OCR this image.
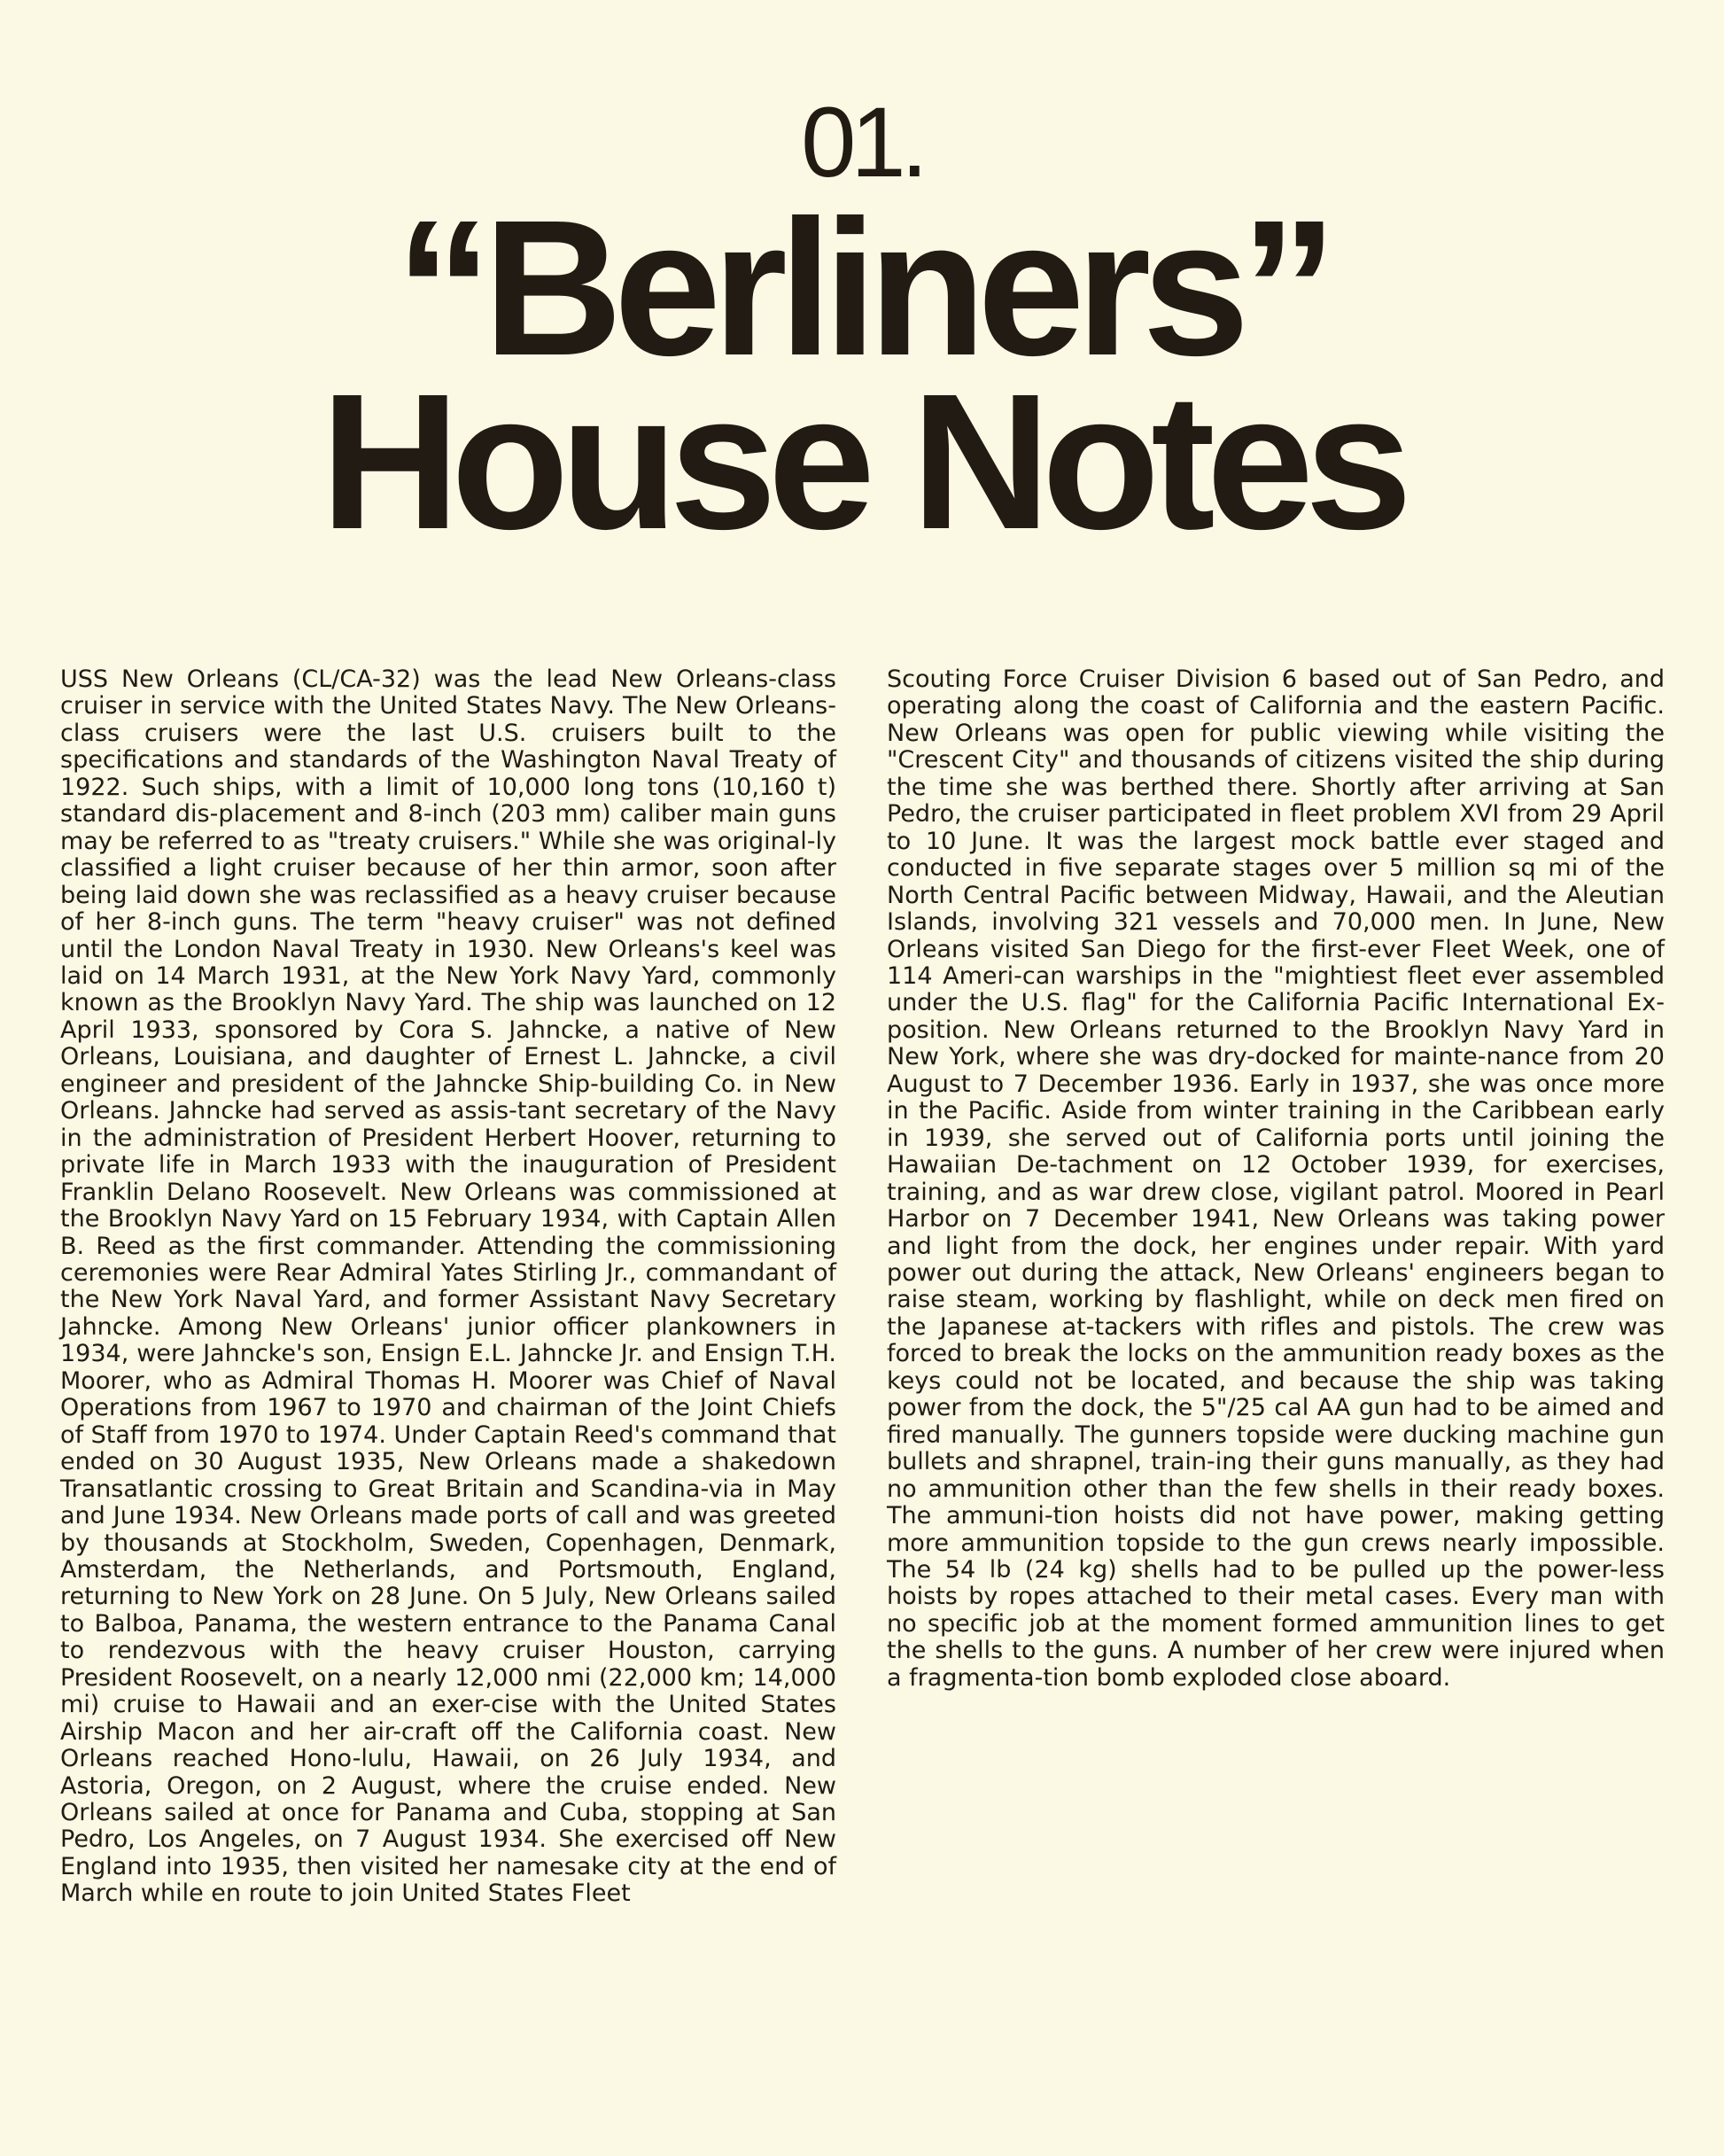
01.
“Berliners”
House Notes

USS New Orleans (CL/CA-32) was the lead New Orleans-class cruiser in service with the United States Navy. The New Orleans-class cruisers were the last U.S. cruisers built to the specifications and standards of the Washington Naval Treaty of 1922. Such ships, with a limit of 10,000 long tons (10,160 t) standard dis-placement and 8-inch (203 mm) caliber main guns may be referred to as "treaty cruisers." While she was original-ly classified a light cruiser because of her thin armor, soon after being laid down she was reclassified as a heavy cruiser because of her 8-inch guns. The term "heavy cruiser" was not defined until the London Naval Treaty in 1930. New Orleans's keel was laid on 14 March 1931, at the New York Navy Yard, commonly known as the Brooklyn Navy Yard. The ship was launched on 12 April 1933, sponsored by Cora S. Jahncke, a native of New Orleans, Louisiana, and daughter of Ernest L. Jahncke, a civil engineer and president of the Jahncke Ship-building Co. in New Orleans. Jahncke had served as assis-tant secretary of the Navy in the administration of President Herbert Hoover, returning to private life in March 1933 with the inauguration of President Franklin Delano Roosevelt. New Orleans was commissioned at the Brooklyn Navy Yard on 15 February 1934, with Captain Allen B. Reed as the first commander. Attending the commissioning ceremonies were Rear Admiral Yates Stirling Jr., commandant of the New York Naval Yard, and former Assistant Navy Secretary Jahncke. Among New Orleans' junior officer plankowners in 1934, were Jahncke's son, Ensign E.L. Jahncke Jr. and Ensign T.H. Moorer, who as Admiral Thomas H. Moorer was Chief of Naval Operations from 1967 to 1970 and chairman of the Joint Chiefs of Staff from 1970 to 1974. Under Captain Reed's command that ended on 30 August 1935, New Orleans made a shakedown Transatlantic crossing to Great Britain and Scandina-via in May and June 1934. New Orleans made ports of call and was greeted by thousands at Stockholm, Sweden, Copenhagen, Denmark, Amsterdam, the Netherlands, and Portsmouth, England, returning to New York on 28 June. On 5 July, New Orleans sailed to Balboa, Panama, the western entrance to the Panama Canal to rendezvous with the heavy cruiser Houston, carrying President Roosevelt, on a nearly 12,000 nmi (22,000 km; 14,000 mi) cruise to Hawaii and an exer-cise with the United States Airship Macon and her air-craft off the California coast. New Orleans reached Hono-lulu, Hawaii, on 26 July 1934, and Astoria, Oregon, on 2 August, where the cruise ended. New Orleans sailed at once for Panama and Cuba, stopping at San Pedro, Los Angeles, on 7 August 1934. She exercised off New England into 1935, then visited her namesake city at the end of March while en route to join United States Fleet

Scouting Force Cruiser Division 6 based out of San Pedro, and operating along the coast of California and the eastern Pacific. New Orleans was open for public viewing while visiting the "Crescent City" and thousands of citizens visited the ship during the time she was berthed there. Shortly after arriving at San Pedro, the cruiser participated in fleet problem XVI from 29 April to 10 June. It was the largest mock battle ever staged and conducted in five separate stages over 5 million sq mi of the North Central Pacific between Midway, Hawaii, and the Aleutian Islands, involving 321 vessels and 70,000 men. In June, New Orleans visited San Diego for the first-ever Fleet Week, one of 114 Ameri-can warships in the "mightiest fleet ever assembled under the U.S. flag" for the California Pacific International Ex-position. New Orleans returned to the Brooklyn Navy Yard in New York, where she was dry-docked for mainte-nance from 20 August to 7 December 1936. Early in 1937, she was once more in the Pacific. Aside from winter training in the Caribbean early in 1939, she served out of California ports until joining the Hawaiian De-tachment on 12 October 1939, for exercises, training, and as war drew close, vigilant patrol. Moored in Pearl Harbor on 7 December 1941, New Orleans was taking power and light from the dock, her engines under repair. With yard power out during the attack, New Orleans' engineers began to raise steam, working by flashlight, while on deck men fired on the Japanese at-tackers with rifles and pistols. The crew was forced to break the locks on the ammunition ready boxes as the keys could not be located, and because the ship was taking power from the dock, the 5"/25 cal AA gun had to be aimed and fired manually. The gunners topside were ducking machine gun bullets and shrapnel, train-ing their guns manually, as they had no ammunition other than the few shells in their ready boxes. The ammuni-tion hoists did not have power, making getting more ammunition topside to the gun crews nearly impossible. The 54 lb (24 kg) shells had to be pulled up the power-less hoists by ropes attached to their metal cases. Every man with no specific job at the moment formed ammunition lines to get the shells to the guns. A number of her crew were injured when a fragmenta-tion bomb exploded close aboard.
